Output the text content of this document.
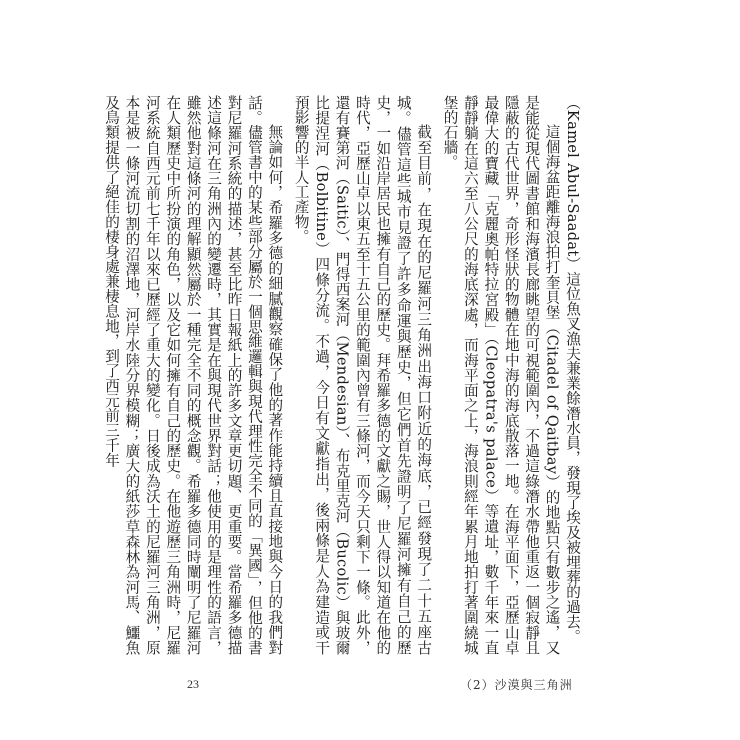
（Kamel Abul-Saadat）這位魚叉漁夫兼業餘潛水員，發現了埃及被埋葬的過去。

這個海盆距離海浪拍打奎貝堡（Citadel of Qaitbay）的地點只有數步之遙，又是能從現代圖書館和海濱長廊眺望的可視範圍內，不過這綠潛水帶他重返一個寂靜且隱蔽的古代世界，奇形怪狀的物體在地中海的海底散落一地。在海平面下，亞歷山卓最偉大的寶藏「克麗奧帕特拉宮殿」（Cleopatra's palace）等遺址，數千年來一直靜靜躺在這六至八公尺的海底深處，而海平面之上，海浪則經年累月地拍打著圍繞城堡的石牆。

截至目前，在現在的尼羅河三角洲出海口附近的海底，已經發現了二十五座古城。儘管這些城市見證了許多命運與歷史，但它們首先證明了尼羅河擁有自己的歷史，一如沿岸居民也擁有自己的歷史。拜希羅多德的文獻之賜，世人得以知道在他的時代，亞歷山卓以東五至十五公里的範圍內曾有三條河，而今天只剩下一條。此外，還有賽第河（Saitic）、門得西案河（Mendesian）、布克里克河（Bucolic）與玻爾比提涅河（Bolbitine）四條分流。不過，今日有文獻指出，後兩條是人為建造或干預影響的半人工產物。

無論如何，希羅多德的細膩觀察確保了他的著作能持續且直接地與今日的我們對話。儘管書中的某些部分屬於一個思維邏輯與現代理性完全不同的「異國」，但他的書對尼羅河系統的描述，甚至比昨日報紙上的許多文章更切題、更重要。當希羅多德描述這條河在三角洲內的變遷時，其實是在與現代世界對話；他使用的是理性的語言，雖然他對這條河的理解顯然屬於一種完全不同的概念觀。希羅多德同時闡明了尼羅河在人類歷史中所扮演的角色，以及它如何擁有自己的歷史。在他遊歷三角洲時，尼羅河系統自西元前七千年以來已歷經了重大的變化。日後成為沃土的尼羅河三角洲，原本是被一條河流切割的沼澤地，河岸水陸分界模糊；廣大的紙莎草森林為河馬、鱷魚及鳥類提供了絕佳的棲身處兼棲息地，到了西元前三千年

23	（2）沙漠與三角洲
